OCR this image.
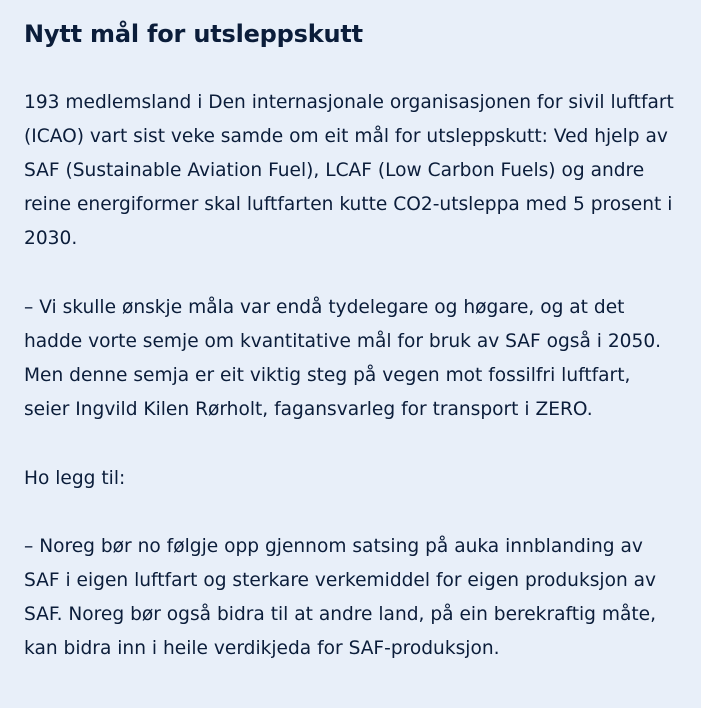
Nytt mål for utsleppskutt

193 medlemsland i Den internasjonale organisasjonen for sivil luftfart (ICAO) vart sist veke samde om eit mål for utsleppskutt: Ved hjelp av SAF (Sustainable Aviation Fuel), LCAF (Low Carbon Fuels) og andre reine energiformer skal luftfarten kutte CO2-utsleppa med 5 prosent i 2030.

– Vi skulle ønskje måla var endå tydelegare og høgare, og at det hadde vorte semje om kvantitative mål for bruk av SAF også i 2050. Men denne semja er eit viktig steg på vegen mot fossilfri luftfart, seier Ingvild Kilen Rørholt, fagansvarleg for transport i ZERO.

Ho legg til:

– Noreg bør no følgje opp gjennom satsing på auka innblanding av SAF i eigen luftfart og sterkare verkemiddel for eigen produksjon av SAF. Noreg bør også bidra til at andre land, på ein berekraftig måte, kan bidra inn i heile verdikjeda for SAF-produksjon.
